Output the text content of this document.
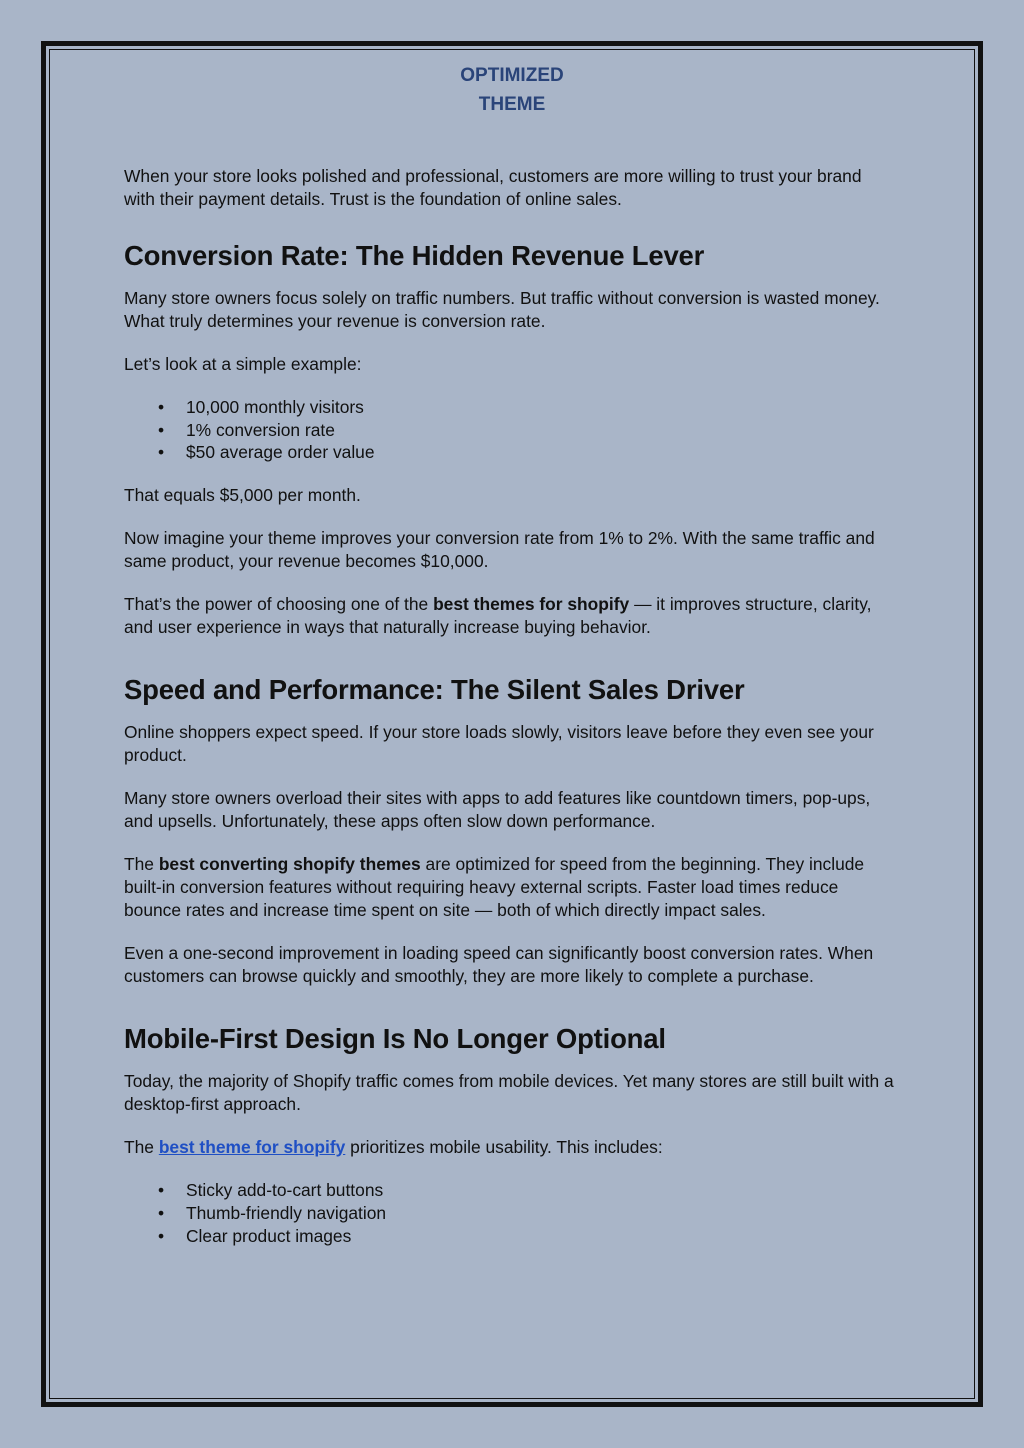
OPTIMIZED
THEME

When your store looks polished and professional, customers are more willing to trust your brand with their payment details. Trust is the foundation of online sales.

Conversion Rate: The Hidden Revenue Lever

Many store owners focus solely on traffic numbers. But traffic without conversion is wasted money. What truly determines your revenue is conversion rate.

Let’s look at a simple example:

• 10,000 monthly visitors
• 1% conversion rate
• $50 average order value

That equals $5,000 per month.

Now imagine your theme improves your conversion rate from 1% to 2%. With the same traffic and same product, your revenue becomes $10,000.

That’s the power of choosing one of the best themes for shopify — it improves structure, clarity, and user experience in ways that naturally increase buying behavior.

Speed and Performance: The Silent Sales Driver

Online shoppers expect speed. If your store loads slowly, visitors leave before they even see your product.

Many store owners overload their sites with apps to add features like countdown timers, pop-ups, and upsells. Unfortunately, these apps often slow down performance.

The best converting shopify themes are optimized for speed from the beginning. They include built-in conversion features without requiring heavy external scripts. Faster load times reduce bounce rates and increase time spent on site — both of which directly impact sales.

Even a one-second improvement in loading speed can significantly boost conversion rates. When customers can browse quickly and smoothly, they are more likely to complete a purchase.

Mobile-First Design Is No Longer Optional

Today, the majority of Shopify traffic comes from mobile devices. Yet many stores are still built with a desktop-first approach.

The best theme for shopify prioritizes mobile usability. This includes:

• Sticky add-to-cart buttons
• Thumb-friendly navigation
• Clear product images
